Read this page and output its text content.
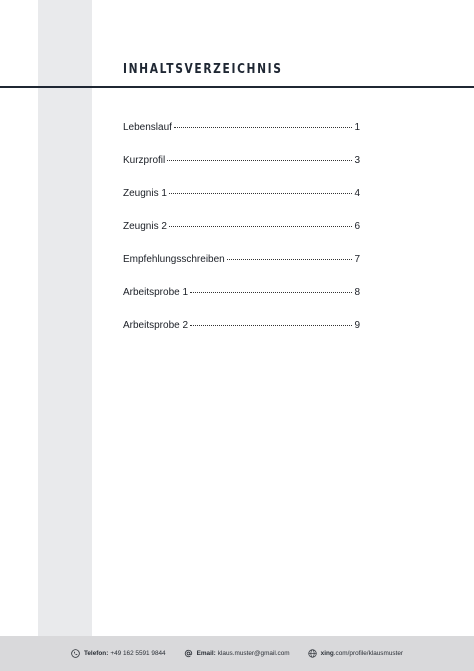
INHALTSVERZEICHNIS
Lebenslauf	1
Kurzprofil	3
Zeugnis 1	4
Zeugnis 2	6
Empfehlungsschreiben	7
Arbeitsprobe 1	8
Arbeitsprobe 2	9
Telefon: +49 162 5591 9844	Email: klaus.muster@gmail.com	xing .com/profile/klausmuster
